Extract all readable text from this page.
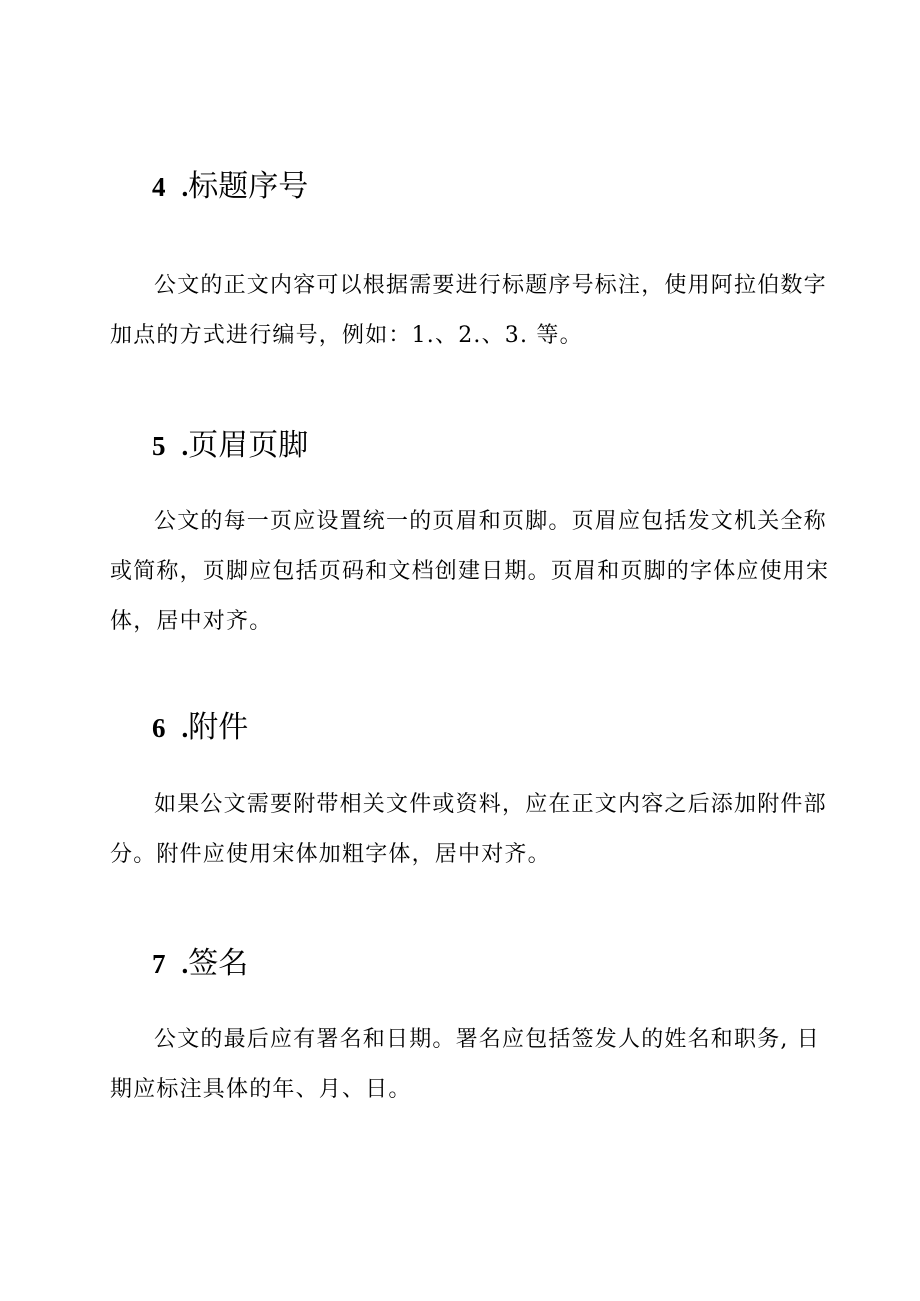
4 .标题序号

公文的正文内容可以根据需要进行标题序号标注，使用阿拉伯数字
加点的方式进行编号，例如：1.、2.、3. 等。

5 .页眉页脚

公文的每一页应设置统一的页眉和页脚。页眉应包括发文机关全称
或简称，页脚应包括页码和文档创建日期。页眉和页脚的字体应使用宋
体，居中对齐。

6 .附件

如果公文需要附带相关文件或资料，应在正文内容之后添加附件部
分。附件应使用宋体加粗字体，居中对齐。

7 .签名

公文的最后应有署名和日期。署名应包括签发人的姓名和职务, 日
期应标注具体的年、月、日。
